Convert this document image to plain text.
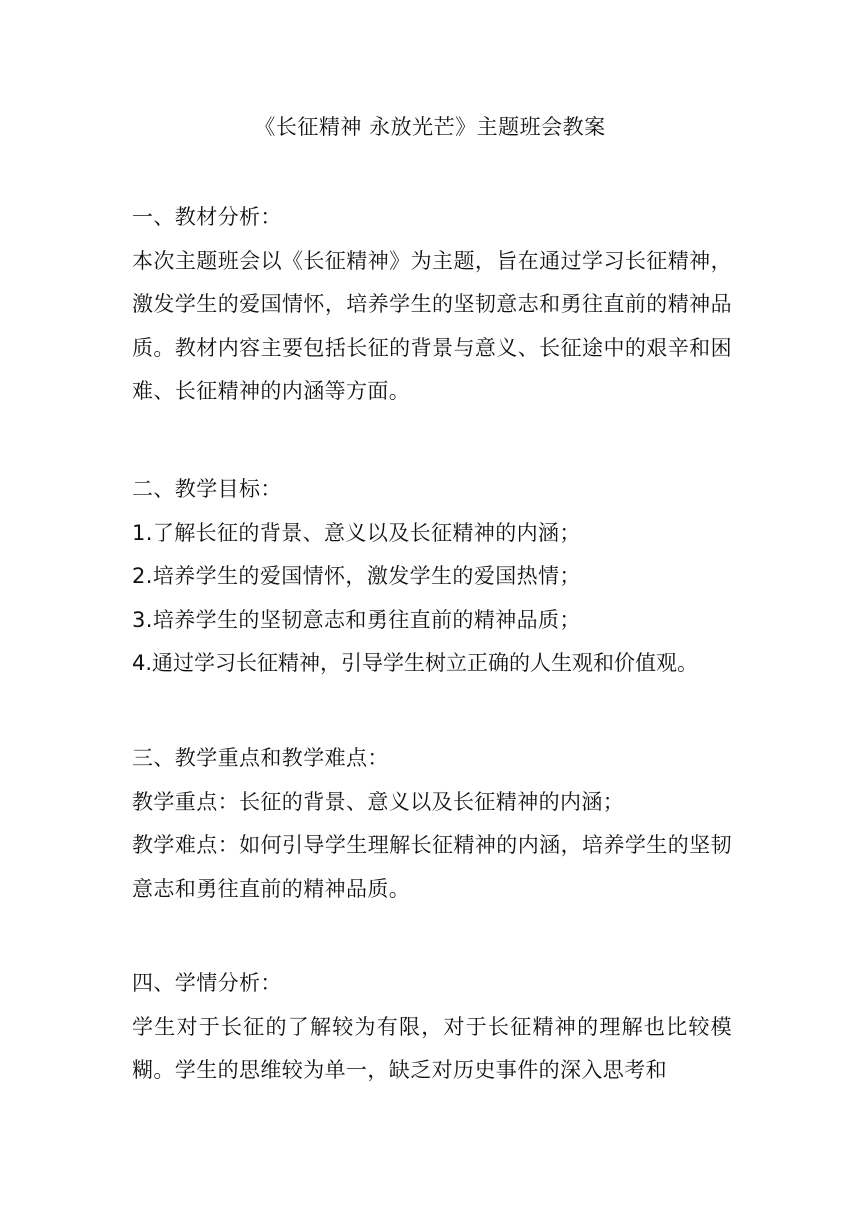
《长征精神 永放光芒》主题班会教案
一、教材分析：
本次主题班会以《长征精神》为主题，旨在通过学习长征精神，激发学生的爱国情怀，培养学生的坚韧意志和勇往直前的精神品质。教材内容主要包括长征的背景与意义、长征途中的艰辛和困难、长征精神的内涵等方面。
二、教学目标：
1.了解长征的背景、意义以及长征精神的内涵；
2.培养学生的爱国情怀，激发学生的爱国热情；
3.培养学生的坚韧意志和勇往直前的精神品质；
4.通过学习长征精神，引导学生树立正确的人生观和价值观。
三、教学重点和教学难点：
教学重点：长征的背景、意义以及长征精神的内涵；
教学难点：如何引导学生理解长征精神的内涵，培养学生的坚韧意志和勇往直前的精神品质。
四、学情分析：
学生对于长征的了解较为有限，对于长征精神的理解也比较模糊。学生的思维较为单一，缺乏对历史事件的深入思考和
